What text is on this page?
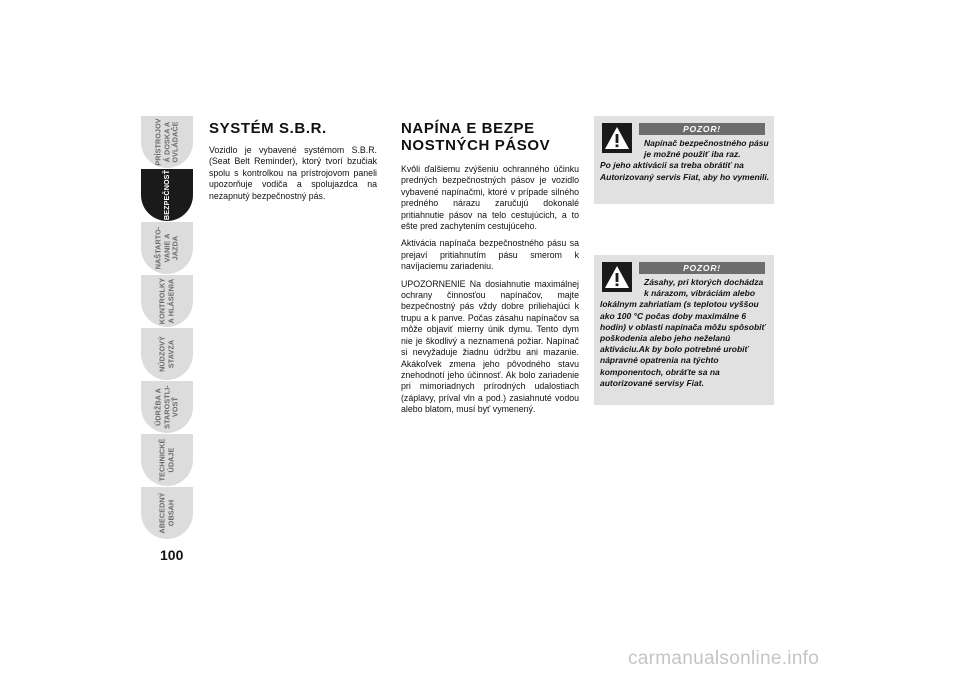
PRÍSTROJOV
Á DOSKA A
OVLÁDAČE
BEZPEČNOSŤ
NAŠTARTO-
VANIE A
JAZDA
KONTROLKY
A HLÁSENIA
NÚDZOVÝ
STAVZA
ÚDRŽBA A
STAROSTLI-
VOSŤ
TECHNICKÉ
ÚDAJE
ABECEDNÝ
OBSAH
100
SYSTÉM S.B.R.
Vozidlo je vybavené systémom S.B.R. (Seat Belt Reminder), ktorý tvorí bzučiak spolu s kontrolkou na prístrojovom paneli upozorňuje vodiča a spolujazdca na nezapnutý bezpečnostný pás.
NAPÍNA E BEZPE
NOSTNÝCH PÁSOV
Kvôli ďalšiemu zvýšeniu ochranného účinku predných bezpečnostných pásov je vozidlo vybavené napínačmi, ktoré v prípade silného predného nárazu zaručujú dokonalé pritiahnutie pásov na telo cestujúcich, a to ešte pred zachytením cestujúceho.
Aktivácia napínača bezpečnostného pásu sa prejaví pritiahnutím pásu smerom k navíjaciemu zariadeniu.
UPOZORNENIE Na dosiahnutie maximálnej ochrany činnosťou napínačov, majte bezpečnostný pás vždy dobre priliehajúci k trupu a k panve. Počas zásahu napínačov sa môže objaviť mierny únik dymu. Tento dym nie je škodlivý a neznamená požiar. Napínač si nevyžaduje žiadnu údržbu ani mazanie. Akákoľvek zmena jeho pôvodného stavu znehodnotí jeho účinnosť. Ak bolo zariadenie pri mimoriadnych prírodných udalostiach (záplavy, príval vln a pod.) zasiahnuté vodou alebo blatom, musí byť vymenený.
POZOR!
Napínač bezpečnostného pásu je možné použiť iba raz.
Po jeho aktivácii sa treba obrátiť na Autorizovaný servis Fiat, aby ho vymenili.
POZOR!
Zásahy, pri ktorých dochádza k nárazom, vibráciám alebo
lokálnym zahriatiam (s teplotou vyššou ako 100 °C počas doby maximálne 6 hodín) v oblasti napínača môžu spôsobiť poškodenia alebo jeho neželanú aktiváciu.Ak by bolo potrebné urobiť nápravné opatrenia na týchto komponentoch, obráťte sa na autorizované servisy Fiat.
carmanualsonline.info
